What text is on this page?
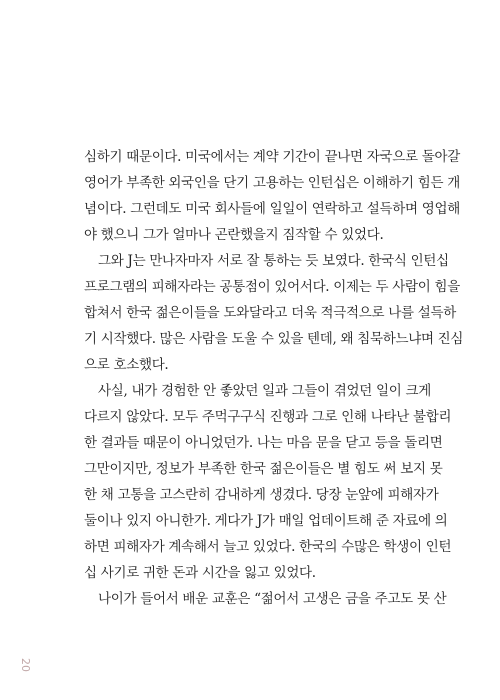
심하기 때문이다. 미국에서는 계약 기간이 끝나면 자국으로 돌아갈
영어가 부족한 외국인을 단기 고용하는 인턴십은 이해하기 힘든 개
념이다. 그런데도 미국 회사들에 일일이 연락하고 설득하며 영업해
야 했으니 그가 얼마나 곤란했을지 짐작할 수 있었다.
그와 J는 만나자마자 서로 잘 통하는 듯 보였다. 한국식 인턴십
프로그램의 피해자라는 공통점이 있어서다. 이제는 두 사람이 힘을
합쳐서 한국 젊은이들을 도와달라고 더욱 적극적으로 나를 설득하
기 시작했다. 많은 사람을 도울 수 있을 텐데, 왜 침묵하느냐며 진심
으로 호소했다.
사실, 내가 경험한 안 좋았던 일과 그들이 겪었던 일이 크게
다르지 않았다. 모두 주먹구구식 진행과 그로 인해 나타난 불합리
한 결과들 때문이 아니었던가. 나는 마음 문을 닫고 등을 돌리면
그만이지만, 정보가 부족한 한국 젊은이들은 별 힘도 써 보지 못
한 채 고통을 고스란히 감내하게 생겼다. 당장 눈앞에 피해자가
둘이나 있지 아니한가. 게다가 J가 매일 업데이트해 준 자료에 의
하면 피해자가 계속해서 늘고 있었다. 한국의 수많은 학생이 인턴
십 사기로 귀한 돈과 시간을 잃고 있었다.
나이가 들어서 배운 교훈은 “젊어서 고생은 금을 주고도 못 산
20
